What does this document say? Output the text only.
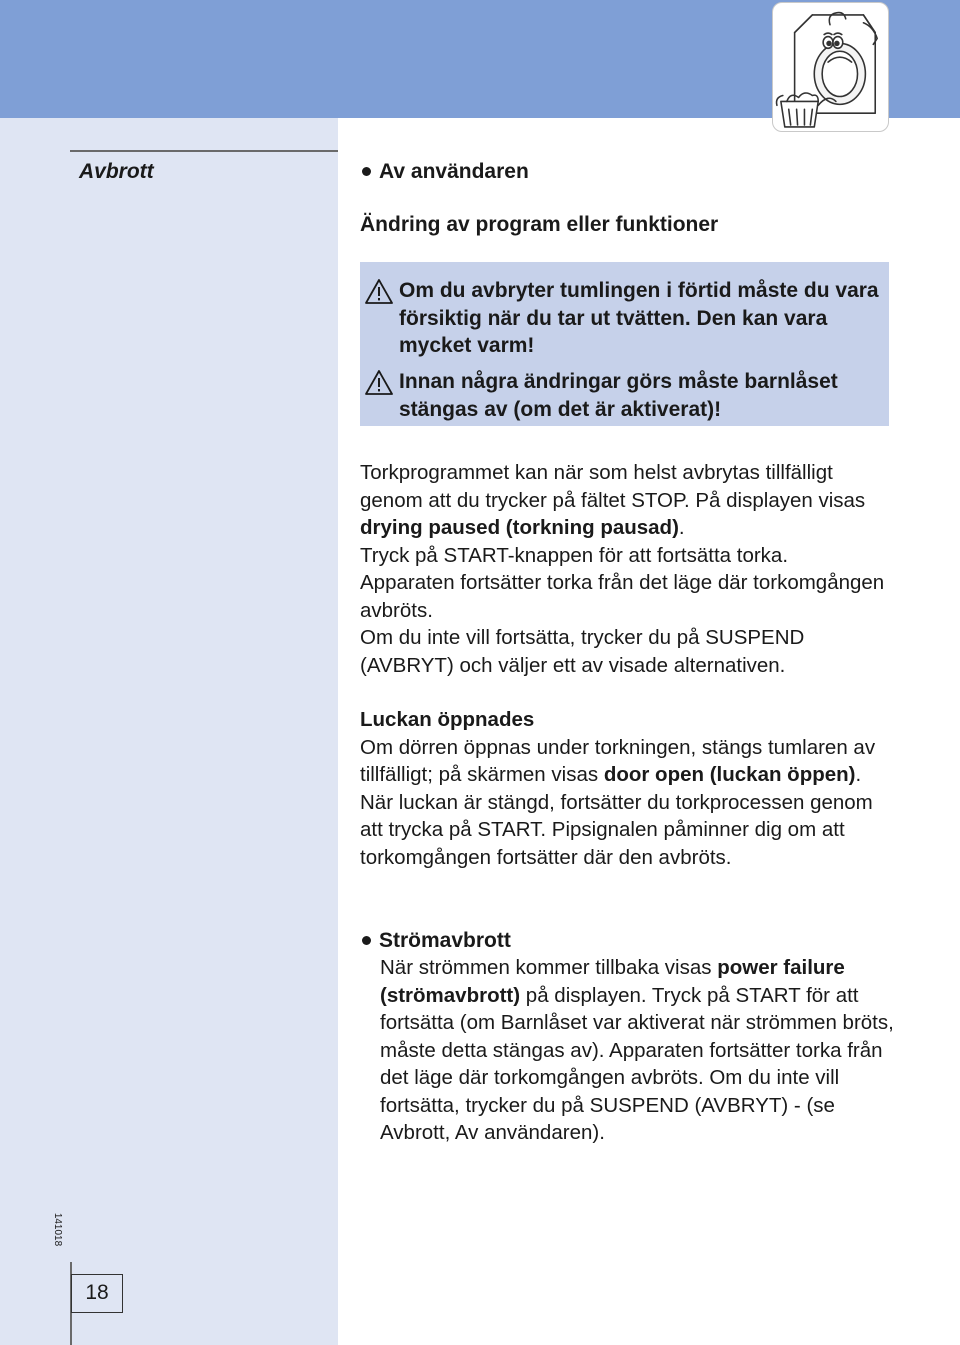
Avbrott	Av användaren
Ändring av program eller funktioner
Om du avbryter tumlingen i förtid måste du vara försiktig när du tar ut tvätten. Den kan vara mycket varm!
Innan några ändringar görs måste barnlåset stängas av (om det är aktiverat)!
Torkprogrammet kan när som helst avbrytas tillfälligt genom att du trycker på fältet STOP. På displayen visas drying paused (torkning pausad).
Tryck på START-knappen för att fortsätta torka.
Apparaten fortsätter torka från det läge där torkomgången avbröts.
Om du inte vill fortsätta, trycker du på SUSPEND (AVBRYT) och väljer ett av visade alternativen.
Luckan öppnades
Om dörren öppnas under torkningen, stängs tumlaren av tillfälligt; på skärmen visas door open (luckan öppen).
När luckan är stängd, fortsätter du torkprocessen genom att trycka på START. Pipsignalen påminner dig om att torkomgången fortsätter där den avbröts.
Strömavbrott
När strömmen kommer tillbaka visas power failure (strömavbrott) på displayen. Tryck på START för att fortsätta (om Barnlåset var aktiverat när strömmen bröts, måste detta stängas av). Apparaten fortsätter torka från det läge där torkomgången avbröts. Om du inte vill fortsätta, trycker du på SUSPEND (AVBRYT) - (se Avbrott, Av användaren).
141018
18
